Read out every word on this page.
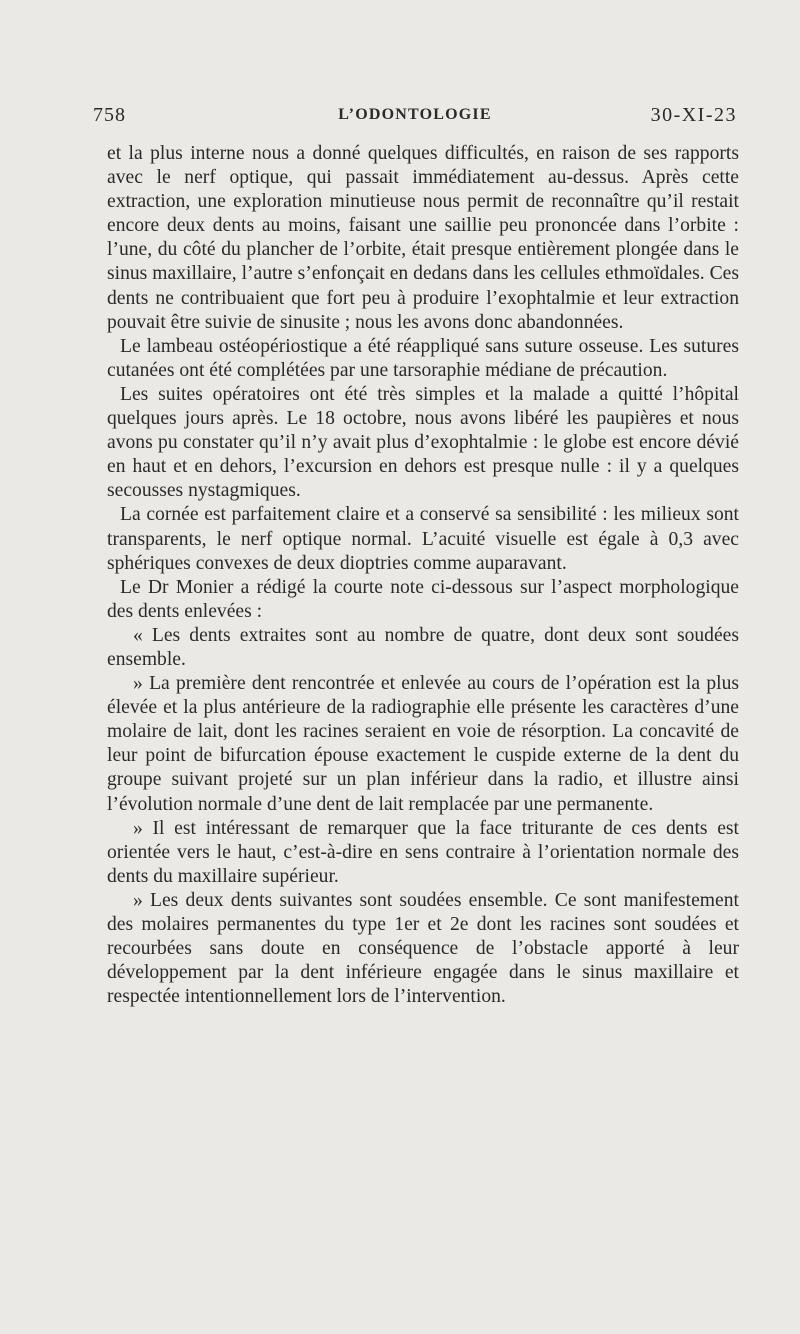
758	L’ODONTOLOGIE	30-XI-23

et la plus interne nous a donné quelques difficultés, en raison de ses rapports avec le nerf optique, qui passait immédiatement au-dessus. Après cette extraction, une exploration minutieuse nous permit de reconnaître qu’il restait encore deux dents au moins, faisant une saillie peu prononcée dans l’orbite : l’une, du côté du plancher de l’orbite, était presque entièrement plongée dans le sinus maxillaire, l’autre s’enfonçait en dedans dans les cellules ethmoïdales. Ces dents ne contribuaient que fort peu à produire l’exophtalmie et leur extraction pouvait être suivie de sinusite ; nous les avons donc abandonnées.

Le lambeau ostéopériostique a été réappliqué sans suture osseuse. Les sutures cutanées ont été complétées par une tarsoraphie médiane de précaution.

Les suites opératoires ont été très simples et la malade a quitté l’hôpital quelques jours après. Le 18 octobre, nous avons libéré les paupières et nous avons pu constater qu’il n’y avait plus d’exophtalmie : le globe est encore dévié en haut et en dehors, l’excursion en dehors est presque nulle : il y a quelques secousses nystagmiques.

La cornée est parfaitement claire et a conservé sa sensibilité : les milieux sont transparents, le nerf optique normal. L’acuité visuelle est égale à 0,3 avec sphériques convexes de deux dioptries comme auparavant.

Le Dr Monier a rédigé la courte note ci-dessous sur l’aspect morphologique des dents enlevées :

« Les dents extraites sont au nombre de quatre, dont deux sont soudées ensemble.

» La première dent rencontrée et enlevée au cours de l’opération est la plus élevée et la plus antérieure de la radiographie elle présente les caractères d’une molaire de lait, dont les racines seraient en voie de résorption. La concavité de leur point de bifurcation épouse exactement le cuspide externe de la dent du groupe suivant projeté sur un plan inférieur dans la radio, et illustre ainsi l’évolution normale d’une dent de lait remplacée par une permanente.

» Il est intéressant de remarquer que la face triturante de ces dents est orientée vers le haut, c’est-à-dire en sens contraire à l’orientation normale des dents du maxillaire supérieur.

» Les deux dents suivantes sont soudées ensemble. Ce sont manifestement des molaires permanentes du type 1er et 2e dont les racines sont soudées et recourbées sans doute en conséquence de l’obstacle apporté à leur développement par la dent inférieure engagée dans le sinus maxillaire et respectée intentionnellement lors de l’intervention.
